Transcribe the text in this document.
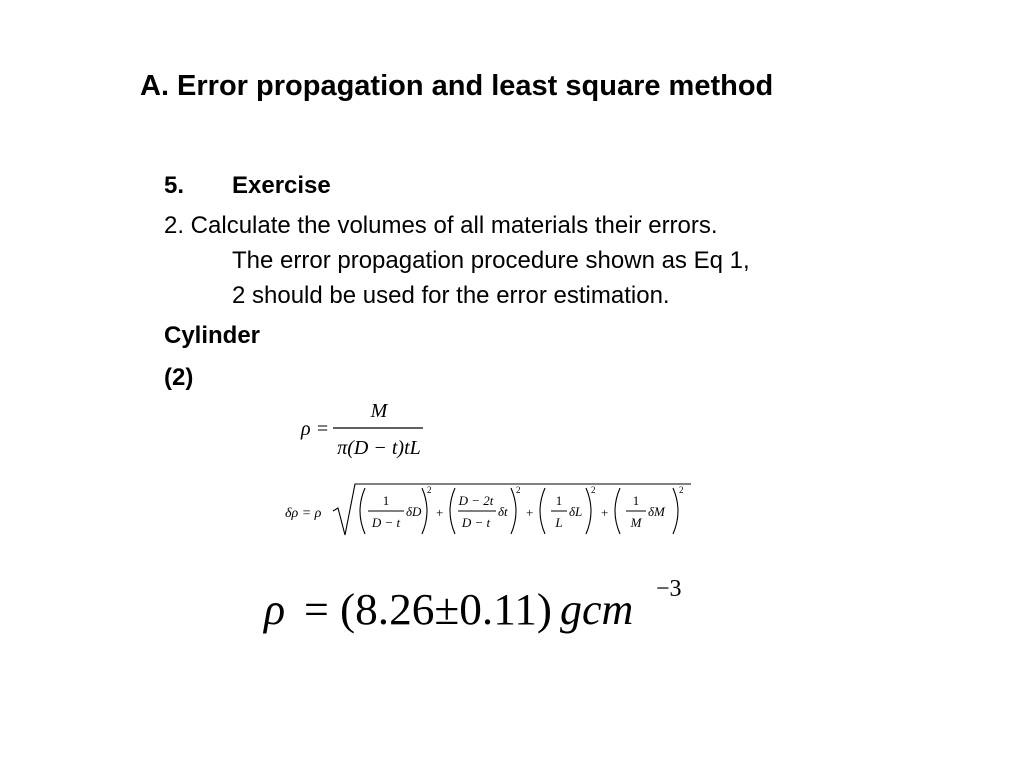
A. Error propagation and least square method
5. Exercise
2. Calculate the volumes of all materials their errors.
The error propagation procedure shown as Eq 1,
2 should be used for the error estimation.
Cylinder
(2)
ρ =
M
π(D − t)tL
δρ = ρ
1
D − t
δD
2
+
D − 2t
D − t
δt
2
+
1
L
δL
2
+
1
M
δM
2
ρ = (8.26±0.11) gcm −3
